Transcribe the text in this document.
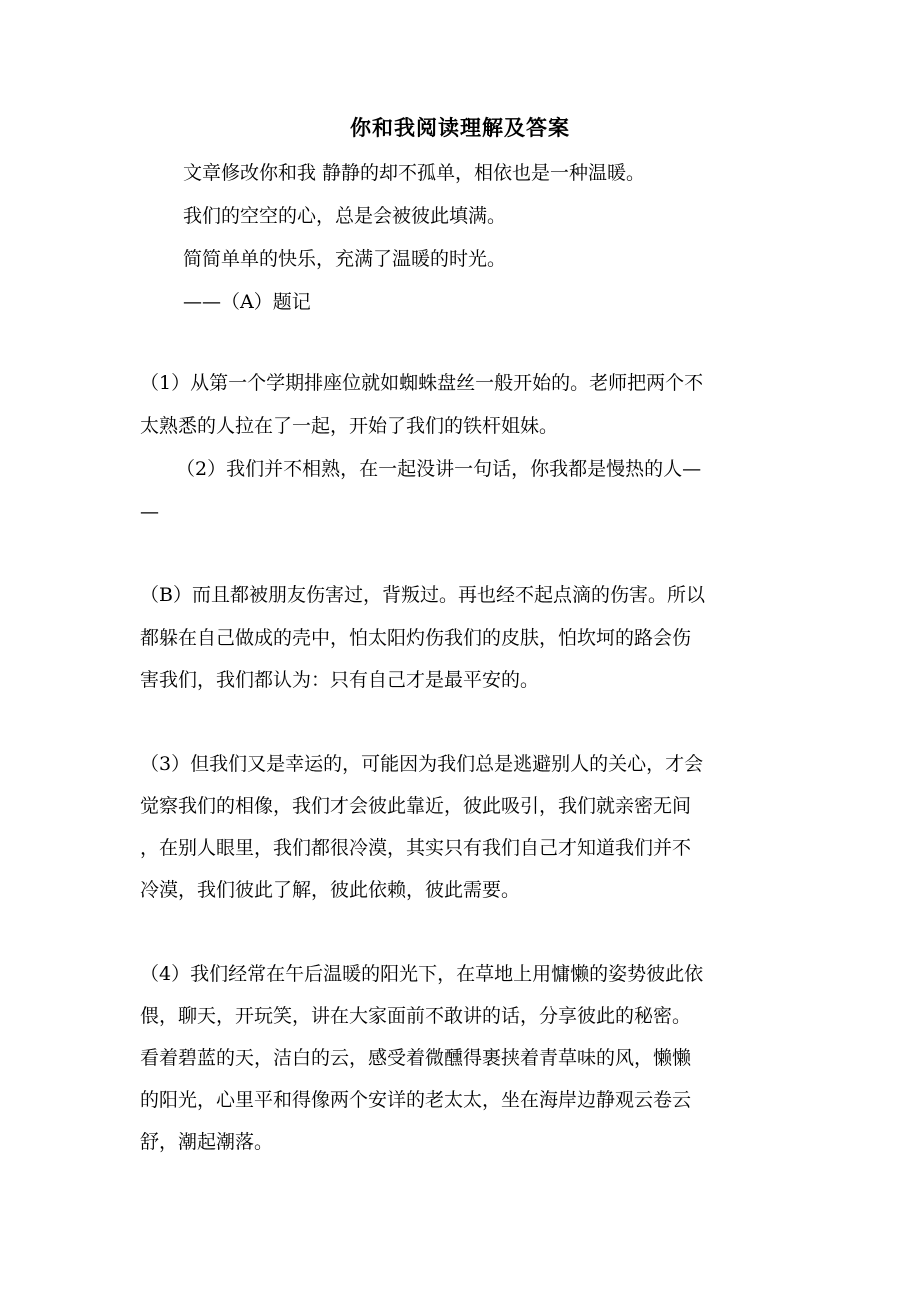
你和我阅读理解及答案
文章修改你和我 静静的却不孤单，相依也是一种温暖。
我们的空空的心，总是会被彼此填满。
简简单单的快乐，充满了温暖的时光。
——（A）题记
（1）从第一个学期排座位就如蜘蛛盘丝一般开始的。老师把两个不
太熟悉的人拉在了一起，开始了我们的铁杆姐妹。
（2）我们并不相熟，在一起没讲一句话，你我都是慢热的人—
—
（B）而且都被朋友伤害过，背叛过。再也经不起点滴的伤害。所以
都躲在自己做成的壳中，怕太阳灼伤我们的皮肤，怕坎坷的路会伤
害我们，我们都认为：只有自己才是最平安的。
（3）但我们又是幸运的，可能因为我们总是逃避别人的关心，才会
觉察我们的相像，我们才会彼此靠近，彼此吸引，我们就亲密无间
，在别人眼里，我们都很冷漠，其实只有我们自己才知道我们并不
冷漠，我们彼此了解，彼此依赖，彼此需要。
（4）我们经常在午后温暖的阳光下，在草地上用慵懒的姿势彼此依
偎，聊天，开玩笑，讲在大家面前不敢讲的话，分享彼此的秘密。
看着碧蓝的天，洁白的云，感受着微醺得裹挟着青草味的风，懒懒
的阳光，心里平和得像两个安详的老太太，坐在海岸边静观云卷云
舒，潮起潮落。
